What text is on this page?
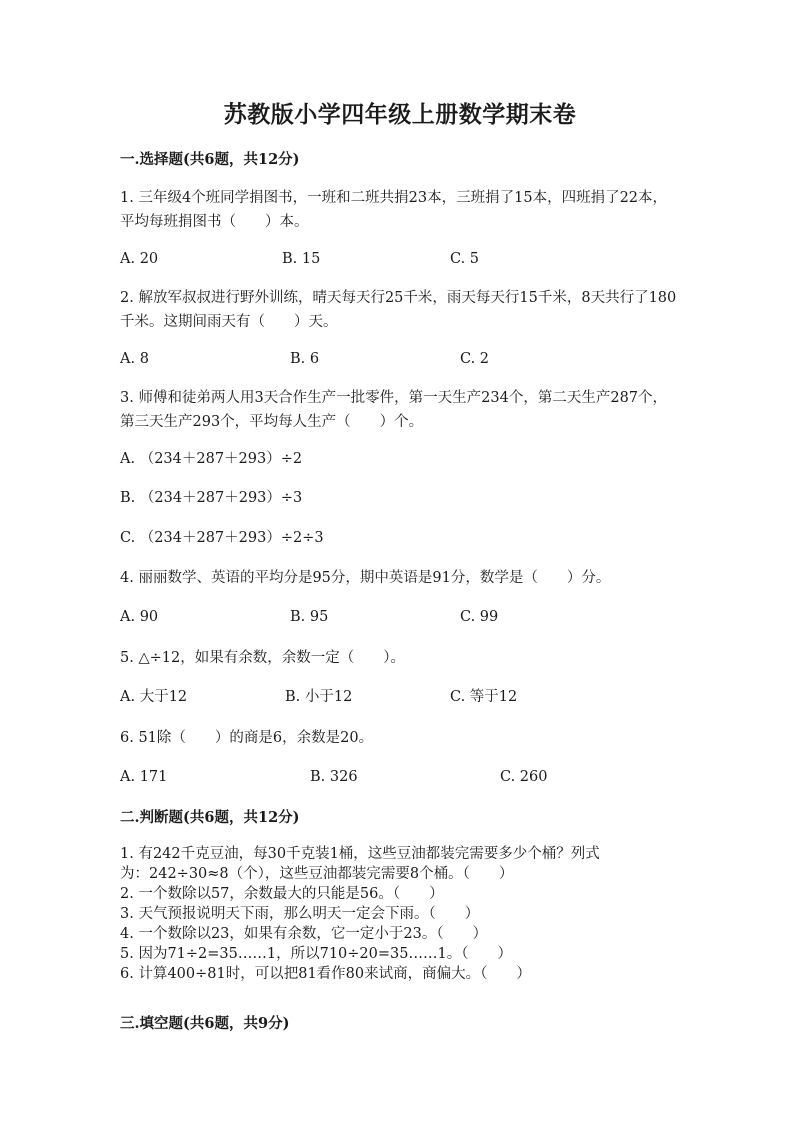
苏教版小学四年级上册数学期末卷
一.选择题(共6题，共12分)
1. 三年级4个班同学捐图书，一班和二班共捐23本，三班捐了15本，四班捐了22本，平均每班捐图书（　　）本。
A. 20	B. 15	C. 5
2. 解放军叔叔进行野外训练，晴天每天行25千米，雨天每天行15千米，8天共行了180千米。这期间雨天有（　　）天。
A. 8	B. 6	C. 2
3. 师傅和徒弟两人用3天合作生产一批零件，第一天生产234个，第二天生产287个，第三天生产293个，平均每人生产（　　）个。
A. （234＋287＋293）÷2
B. （234＋287＋293）÷3
C. （234＋287＋293）÷2÷3
4. 丽丽数学、英语的平均分是95分，期中英语是91分，数学是（　　）分。
A. 90	B. 95	C. 99
5. △÷12，如果有余数，余数一定（　　）。
A. 大于12	B. 小于12	C. 等于12
6. 51除（　　）的商是6，余数是20。
A. 171	B. 326	C. 260
二.判断题(共6题，共12分)
1. 有242千克豆油，每30千克装1桶，这些豆油都装完需要多少个桶？列式
为：242÷30≈8（个），这些豆油都装完需要8个桶。（　　）
2. 一个数除以57，余数最大的只能是56。（　　）
3. 天气预报说明天下雨，那么明天一定会下雨。（　　）
4. 一个数除以23，如果有余数，它一定小于23。（　　）
5. 因为71÷2=35……1，所以710÷20=35……1。（　　）
6. 计算400÷81时，可以把81看作80来试商，商偏大。（　　）
三.填空题(共6题，共9分)
